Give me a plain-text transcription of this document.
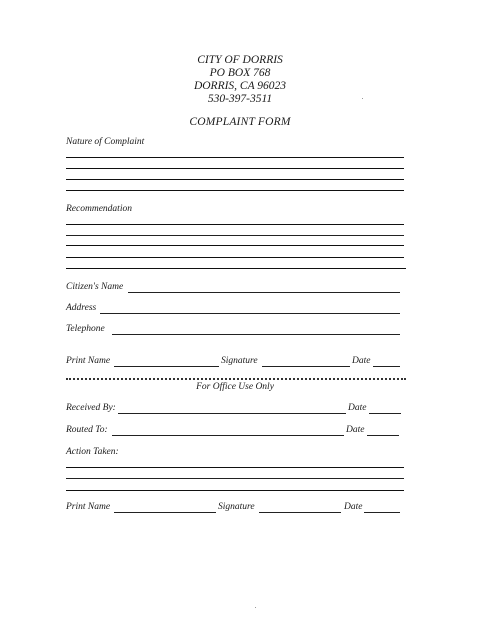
CITY OF DORRIS
PO BOX 768
DORRIS, CA 96023
530-397-3511
COMPLAINT FORM
Nature of Complaint
Recommendation
Citizen's Name
Address
Telephone
Print Name	Signature	Date
For Office Use Only
Received By:	Date
Routed To:	Date
Action Taken:
Print Name	Signature	Date
